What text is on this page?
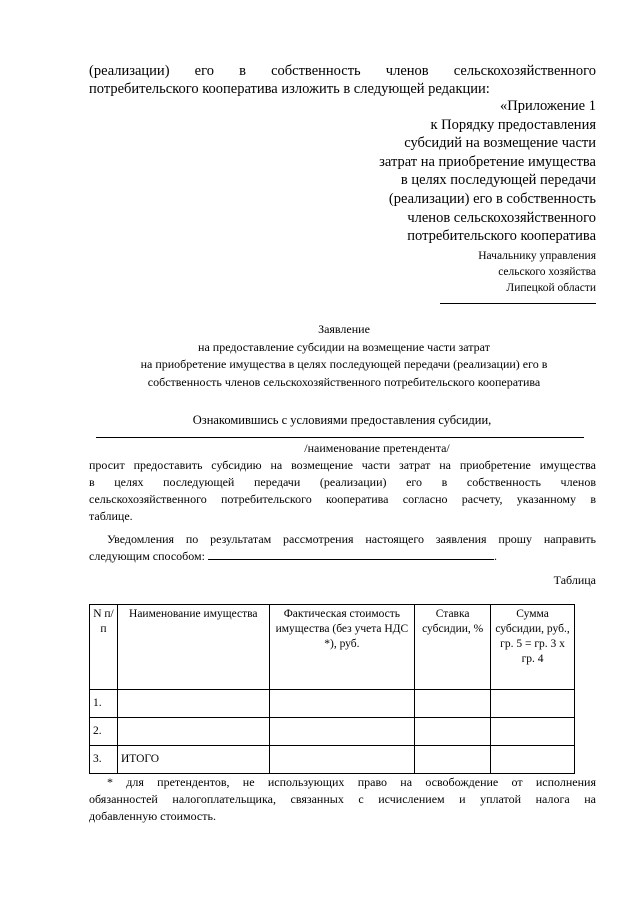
(реализации) его в собственность членов сельскохозяйственного
потребительского кооператива изложить в следующей редакции:
«Приложение 1
к Порядку предоставления
субсидий на возмещение части
затрат на приобретение имущества
в целях последующей передачи
(реализации) его в собственность
членов сельскохозяйственного
потребительского кооператива
Начальнику управления
сельского хозяйства
Липецкой области
Заявление
на предоставление субсидии на возмещение части затрат
на приобретение имущества в целях последующей передачи (реализации) его в
собственность членов сельскохозяйственного потребительского кооператива
Ознакомившись с условиями предоставления субсидии,
/наименование претендента/
просит предоставить субсидию на возмещение части затрат на приобретение имущества
в целях последующей передачи (реализации) его в собственность членов
сельскохозяйственного потребительского кооператива согласно расчету, указанному в
таблице.
Уведомления по результатам рассмотрения настоящего заявления прошу направить
следующим способом:	.
Таблица
N п/п	Наименование имущества	Фактическая стоимость имущества (без учета НДС *), руб.	Ставка субсидии, %	Сумма субсидии, руб., гр. 5 = гр. 3 х гр. 4
1.				
2.				
3.	ИТОГО			
* для претендентов, не использующих право на освобождение от исполнения
обязанностей налогоплательщика, связанных с исчислением и уплатой налога на
добавленную стоимость.
